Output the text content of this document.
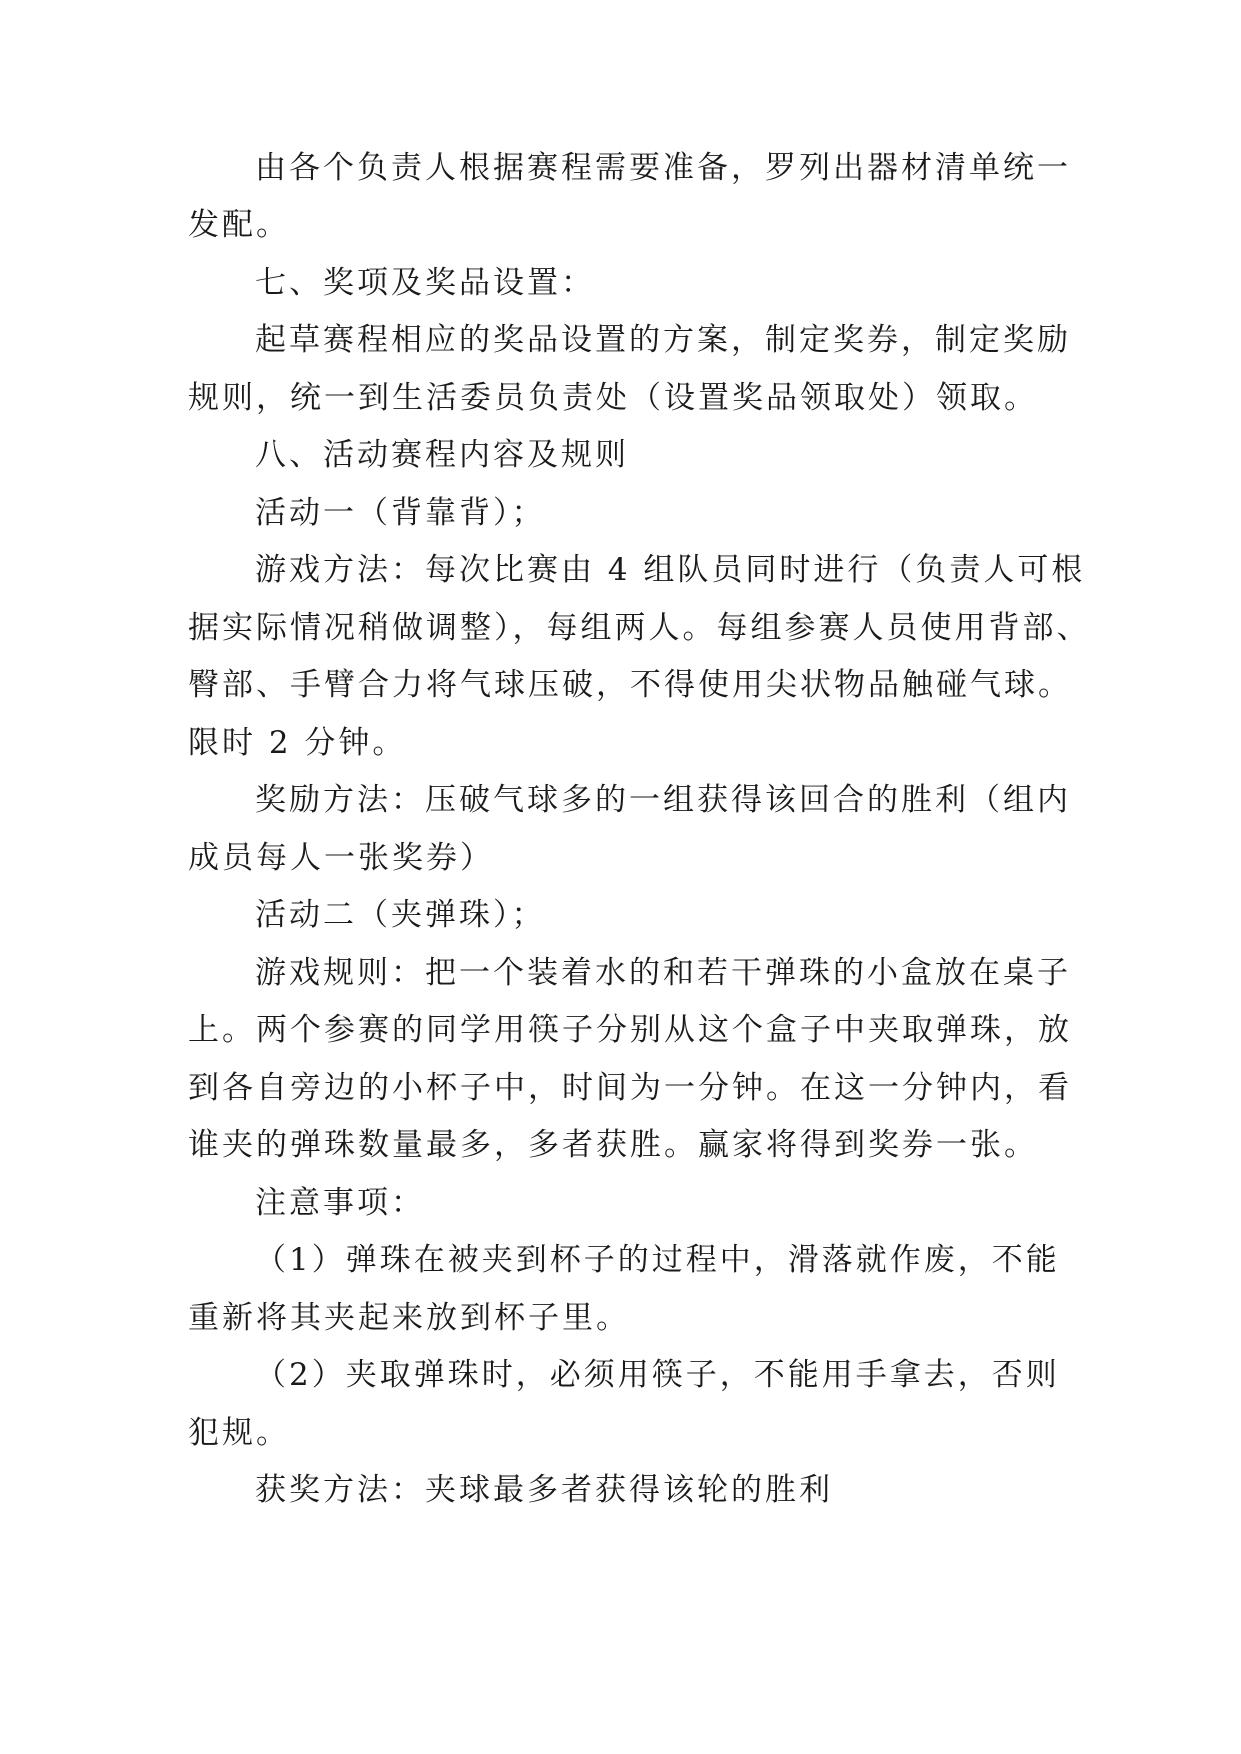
由各个负责人根据赛程需要准备，罗列出器材清单统一

发配。

七、奖项及奖品设置：

起草赛程相应的奖品设置的方案，制定奖券，制定奖励

规则，统一到生活委员负责处（设置奖品领取处）领取。

八、活动赛程内容及规则

活动一（背靠背）；

游戏方法：每次比赛由 4 组队员同时进行（负责人可根

据实际情况稍做调整），每组两人。每组参赛人员使用背部、

臀部、手臂合力将气球压破，不得使用尖状物品触碰气球。

限时 2 分钟。

奖励方法：压破气球多的一组获得该回合的胜利（组内

成员每人一张奖券）

活动二（夹弹珠）；

游戏规则：把一个装着水的和若干弹珠的小盒放在桌子

上。两个参赛的同学用筷子分别从这个盒子中夹取弹珠，放

到各自旁边的小杯子中，时间为一分钟。在这一分钟内，看

谁夹的弹珠数量最多，多者获胜。赢家将得到奖券一张。

注意事项：

（1）弹珠在被夹到杯子的过程中，滑落就作废，不能

重新将其夹起来放到杯子里。

（2）夹取弹珠时，必须用筷子，不能用手拿去，否则

犯规。

获奖方法：夹球最多者获得该轮的胜利
